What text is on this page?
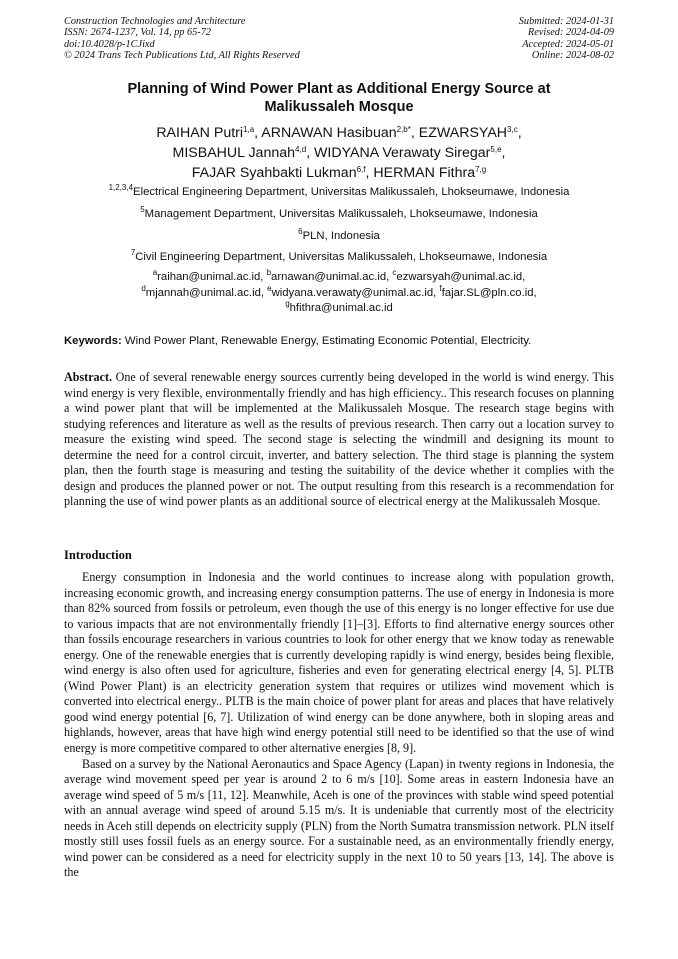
Construction Technologies and Architecture
ISSN: 2674-1237, Vol. 14, pp 65-72
doi:10.4028/p-1CJixd
© 2024 Trans Tech Publications Ltd, All Rights Reserved
Submitted: 2024-01-31
Revised: 2024-04-09
Accepted: 2024-05-01
Online: 2024-08-02
Planning of Wind Power Plant as Additional Energy Source at
Malikussaleh Mosque
RAIHAN Putri$^{1,a}$, ARNAWAN Hasibuan$^{2,b*}$, EZWARSYAH$^{3,c}$,
MISBAHUL Jannah$^{4,d}$, WIDYANA Verawaty Siregar$^{5,e}$,
FAJAR Syahbakti Lukman$^{6,f}$, HERMAN Fithra$^{7,g}$
$^{1,2,3,4}$Electrical Engineering Department, Universitas Malikussaleh, Lhokseumawe, Indonesia
$^5$Management Department, Universitas Malikussaleh, Lhokseumawe, Indonesia
$^6$PLN, Indonesia
$^7$Civil Engineering Department, Universitas Malikussaleh, Lhokseumawe, Indonesia
$^a$raihan@unimal.ac.id, $^b$arnawan@unimal.ac.id, $^c$ezwarsyah@unimal.ac.id,
$^d$mjannah@unimal.ac.id, $^e$widyana.verawaty@unimal.ac.id, $^f$fajar.SL@pln.co.id,
$^g$hfithra@unimal.ac.id
Keywords: Wind Power Plant, Renewable Energy, Estimating Economic Potential, Electricity.
Abstract. One of several renewable energy sources currently being developed in the world is wind energy. This wind energy is very flexible, environmentally friendly and has high efficiency.. This research focuses on planning a wind power plant that will be implemented at the Malikussaleh Mosque. The research stage begins with studying references and literature as well as the results of previous research. Then carry out a location survey to measure the existing wind speed. The second stage is selecting the windmill and designing its mount to determine the need for a control circuit, inverter, and battery selection. The third stage is planning the system plan, then the fourth stage is measuring and testing the suitability of the device whether it complies with the design and produces the planned power or not. The output resulting from this research is a recommendation for planning the use of wind power plants as an additional source of electrical energy at the Malikussaleh Mosque.
Introduction

Energy consumption in Indonesia and the world continues to increase along with population growth, increasing economic growth, and increasing energy consumption patterns. The use of energy in Indonesia is more than 82% sourced from fossils or petroleum, even though the use of this energy is no longer effective for use due to various impacts that are not environmentally friendly [1]–[3]. Efforts to find alternative energy sources other than fossils encourage researchers in various countries to look for other energy that we know today as renewable energy. One of the renewable energies that is currently developing rapidly is wind energy, besides being flexible, wind energy is also often used for agriculture, fisheries and even for generating electrical energy [4, 5]. PLTB (Wind Power Plant) is an electricity generation system that requires or utilizes wind movement which is converted into electrical energy.. PLTB is the main choice of power plant for areas and places that have relatively good wind energy potential [6, 7]. Utilization of wind energy can be done anywhere, both in sloping areas and highlands, however, areas that have high wind energy potential still need to be identified so that the use of wind energy is more competitive compared to other alternative energies [8, 9].

Based on a survey by the National Aeronautics and Space Agency (Lapan) in twenty regions in Indonesia, the average wind movement speed per year is around 2 to 6 m/s [10]. Some areas in eastern Indonesia have an average wind speed of 5 m/s [11, 12]. Meanwhile, Aceh is one of the provinces with stable wind speed potential with an annual average wind speed of around 5.15 m/s. It is undeniable that currently most of the electricity needs in Aceh still depends on electricity supply (PLN) from the North Sumatra transmission network. PLN itself mostly still uses fossil fuels as an energy source. For a sustainable need, as an environmentally friendly energy, wind power can be considered as a need for electricity supply in the next 10 to 50 years [13, 14]. The above is the
